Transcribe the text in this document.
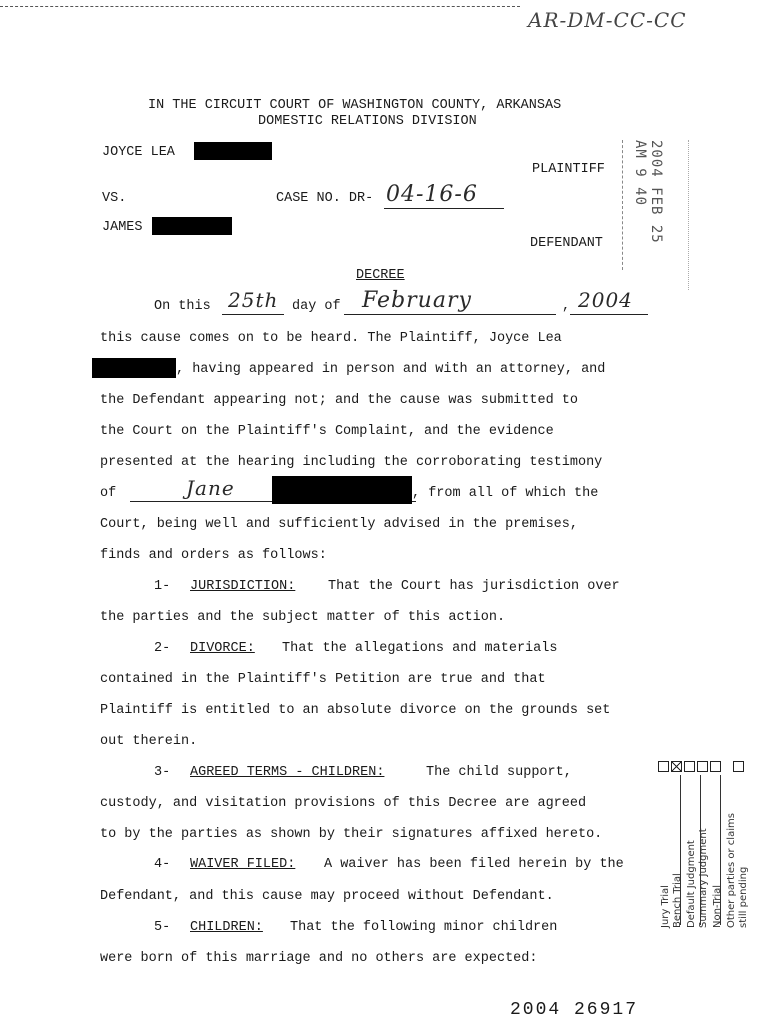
AR-DM-CC-CC
IN THE CIRCUIT COURT OF WASHINGTON COUNTY, ARKANSAS
DOMESTIC RELATIONS DIVISION
JOYCE LEA
PLAINTIFF
VS.	CASE NO. DR- 04-16-6
JAMES
DEFENDANT	2004 FEB 25 AM 9 40
DECREE
On this 25th day of February	, 2004
this cause comes on to be heard. The Plaintiff, Joyce Lea
, having appeared in person and with an attorney, and
the Defendant appearing not; and the cause was submitted to
the Court on the Plaintiff's Complaint, and the evidence
presented at the hearing including the corroborating testimony
of	Jane	, from all of which the
Court, being well and sufficiently advised in the premises,
finds and orders as follows:
1- JURISDICTION: That the Court has jurisdiction over
the parties and the subject matter of this action.
2- DIVORCE: That the allegations and materials
contained in the Plaintiff's Petition are true and that
Plaintiff is entitled to an absolute divorce on the grounds set
out therein.
3- AGREED TERMS - CHILDREN:	The child support,
custody, and visitation provisions of this Decree are agreed
to by the parties as shown by their signatures affixed hereto.
4- WAIVER FILED: A waiver has been filed herein by the
Defendant, and this cause may proceed without Defendant.
5- CHILDREN: That the following minor children
were born of this marriage and no others are expected:
Jury Trial Bench Trial Default Judgment Summary Judgment Non-Trial Other parties or claims still pending
2004 26917
